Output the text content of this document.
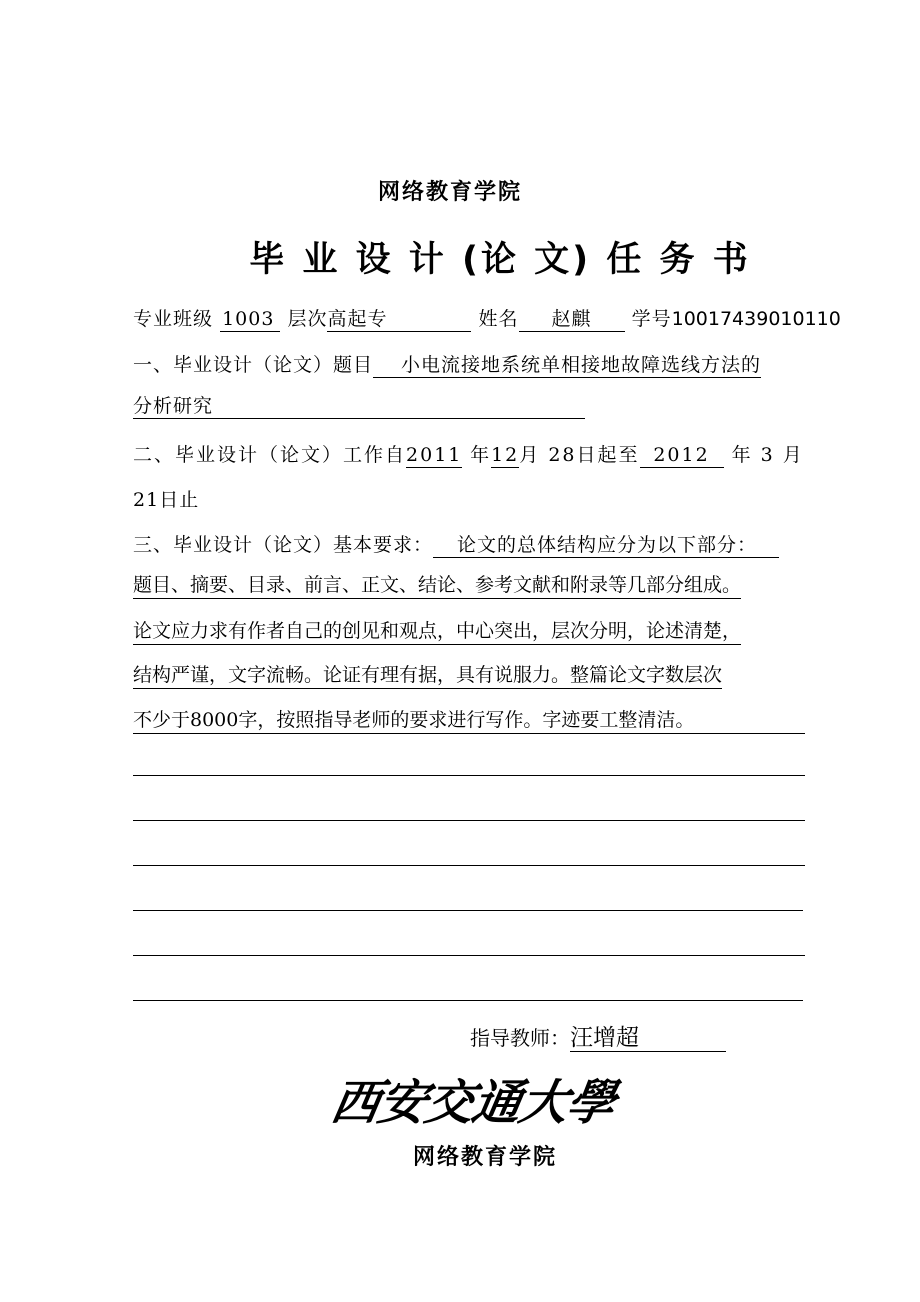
网络教育学院
毕 业 设 计 (论 文) 任 务 书
专业班级 1003 层次高起专	姓名 赵麒 学号10017439010110
一、毕业设计（论文）题目 小电流接地系统单相接地故障选线方法的
分析研究
二、毕业设计（论文）工作自2011 年12月 28日起至 2012 年 3 月
21日止
三、毕业设计（论文）基本要求： 论文的总体结构应分为以下部分：
题目、摘要、目录、前言、正文、结论、参考文献和附录等几部分组成。
论文应力求有作者自己的创见和观点，中心突出，层次分明，论述清楚，
结构严谨，文字流畅。论证有理有据，具有说服力。整篇论文字数层次
不少于8000字，按照指导老师的要求进行写作。字迹要工整清洁。
指导教师：汪增超
西安交通大學
网络教育学院
